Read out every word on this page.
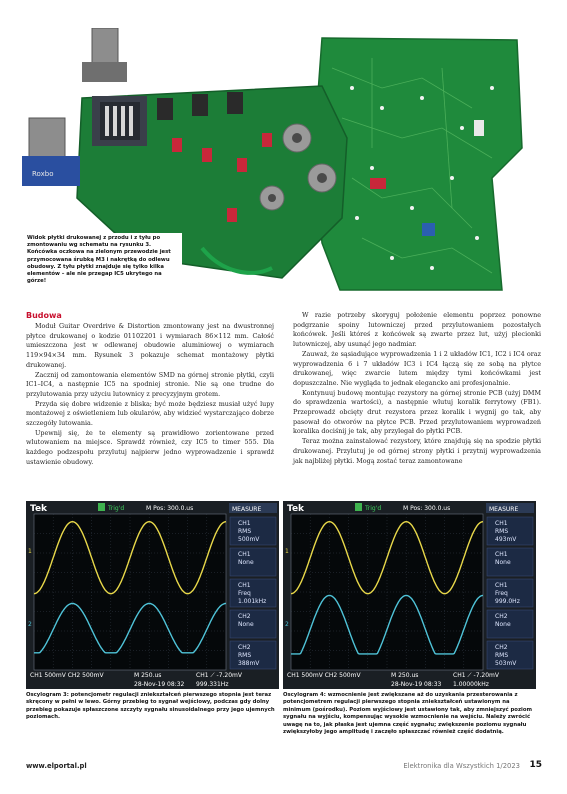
Roxbo
Widok płytki drukowanej z przodu i z tyłu po zmontowaniu wg schematu na rysunku 3. Końcówka oczkowa na zielonym przewodzie jest przymocowana śrubką M3 i nakrętką do odlewu obudowy. Z tyłu płytki znajduje się tylko kilka elementów – ale nie przegap IC5 ukrytego na górze!
Budowa

Moduł Guitar Overdrive & Distortion zmontowany jest na dwustronnej płytce drukowanej o kodzie 01102201 i wymiarach 86×112 mm. Całość umieszczona jest w odlewanej obudowie aluminiowej o wymiarach 119×94×34 mm. Rysunek 3 pokazuje schemat montażowy płytki drukowanej.

Zacznij od zamontowania elementów SMD na górnej stronie płytki, czyli IC1–IC4, a następnie IC5 na spodniej stronie. Nie są one trudne do przylutowania przy użyciu lutownicy z precyzyjnym grotem.

Przyda się dobre widzenie z bliska; być może będziesz musiał użyć lupy montażowej z oświetleniem lub okularów, aby widzieć wystarczająco dobrze szczegóły lutowania.

Upewnij się, że te elementy są prawidłowo zorientowane przed wlutowaniem na miejsce. Sprawdź również, czy IC5 to timer 555. Dla każdego podzespołu przylutuj najpierw jedno wyprowadzenie i sprawdź ustawienie obudowy.

W razie potrzeby skoryguj położenie elementu poprzez ponowne podgrzanie spoiny lutowniczej przed przylutowaniem pozostałych końcówek. Jeśli któreś z końcówek są zwarte przez lut, użyj plecionki lutowniczej, aby usunąć jego nadmiar.

Zauważ, że sąsiadujące wyprowadzenia 1 i 2 układów IC1, IC2 i IC4 oraz wyprowadzenia 6 i 7 układów IC3 i IC4 łączą się ze sobą na płytce drukowanej, więc zwarcie lutem między tymi końcówkami jest dopuszczalne. Nie wygląda to jednak elegancko ani profesjonalnie.

Kontynuuj budowę montując rezystory na górnej stronie PCB (użyj DMM do sprawdzenia wartości), a następnie wlutuj koralik ferrytowy (FB1). Przeprowadź obcięty drut rezystora przez koralik i wygnij go tak, aby pasował do otworów na płytce PCB. Przed przylutowaniem wyprowadzeń koralika dociśnij je tak, aby przylegał do płytki PCB.

Teraz można zainstalować rezystory, które znajdują się na spodzie płytki drukowanej. Przylutuj je od górnej strony płytki i przytnij wyprowadzenia jak najbliżej płytki. Mogą zostać teraz zamontowane

Tek	Trig'd	M Pos: 300.0.us	MEASURE
1
2
CH1
RMS
500mV
CH1
None
CH1
Freq
1.001kHz
CH2
None
CH2
RMS
388mV
CH1 500mV CH2 500mV	M 250.us	CH1 ⟋ -7.20mV
28-Nov-19 08:32 999.331Hz
Tek	Trig'd	M Pos: 300.0.us	MEASURE
1
2
CH1
RMS
493mV
CH1
None
CH1
Freq
999.0Hz
CH2
None
CH2
RMS
503mV
CH1 500mV CH2 500mV	M 250.us	CH1 ⟋ -7.20mV
28-Nov-19 08:33 1.00000kHz
Oscylogram 3: potencjometr regulacji zniekształceń pierwszego stopnia jest teraz skręcony w pełni w lewo. Górny przebieg to sygnał wejściowy, podczas gdy dolny przebieg pokazuje spłaszczone szczyty sygnału sinusoidalnego przy jego ujemnych poziomach.
Oscylogram 4: wzmocnienie jest zwiększane aż do uzyskania przesterowania z potencjometrem regulacji pierwszego stopnia zniekształceń ustawionym na minimum (pośrodku). Poziom wyjściowy jest ustawiony tak, aby zmniejszyć poziom sygnału na wyjściu, kompensując wysokie wzmocnienie na wejściu. Należy zwrócić uwagę na to, jak płaska jest ujemna część sygnału; zwiększenie poziomu sygnału zwiększyłoby jego amplitudę i zaczęło spłaszczać również część dodatnią.
www.elportal.pl	Elektronika dla Wszystkich 1/2023 15
